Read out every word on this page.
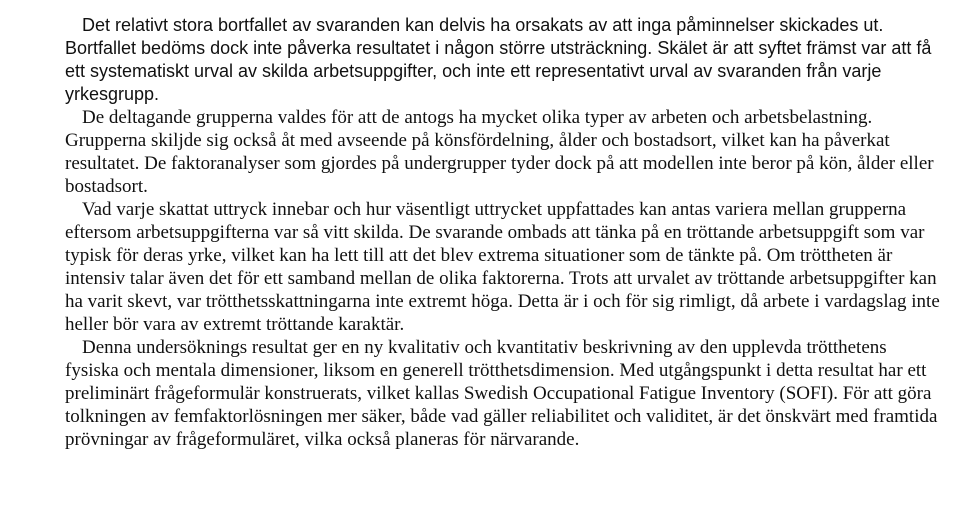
Det relativt stora bortfallet av svaranden kan delvis ha orsakats av att inga påminnelser skickades ut. Bortfallet bedöms dock inte påverka resultatet i någon större utsträckning. Skälet är att syftet främst var att få ett systematiskt urval av skilda arbetsuppgifter, och inte ett representativt urval av svaranden från varje yrkesgrupp.

De deltagande grupperna valdes för att de antogs ha mycket olika typer av arbeten och arbetsbelastning. Grupperna skiljde sig också åt med avseende på könsfördelning, ålder och bostadsort, vilket kan ha påverkat resultatet. De faktoranalyser som gjordes på undergrupper tyder dock på att modellen inte beror på kön, ålder eller bostadsort.

Vad varje skattat uttryck innebar och hur väsentligt uttrycket uppfattades kan antas variera mellan grupperna eftersom arbetsuppgifterna var så vitt skilda. De svarande ombads att tänka på en tröttande arbetsuppgift som var typisk för deras yrke, vilket kan ha lett till att det blev extrema situationer som de tänkte på. Om tröttheten är intensiv talar även det för ett samband mellan de olika faktorerna. Trots att urvalet av tröttande arbetsuppgifter kan ha varit skevt, var trötthetsskattningarna inte extremt höga. Detta är i och för sig rimligt, då arbete i vardagslag inte heller bör vara av extremt tröttande karaktär.

Denna undersöknings resultat ger en ny kvalitativ och kvantitativ beskrivning av den upplevda trötthetens fysiska och mentala dimensioner, liksom en generell trötthetsdimension. Med utgångspunkt i detta resultat har ett preliminärt frågeformulär konstruerats, vilket kallas Swedish Occupational Fatigue Inventory (SOFI). För att göra tolkningen av femfaktorlösningen mer säker, både vad gäller reliabilitet och validitet, är det önskvärt med framtida prövningar av frågeformuläret, vilka också planeras för närvarande.
